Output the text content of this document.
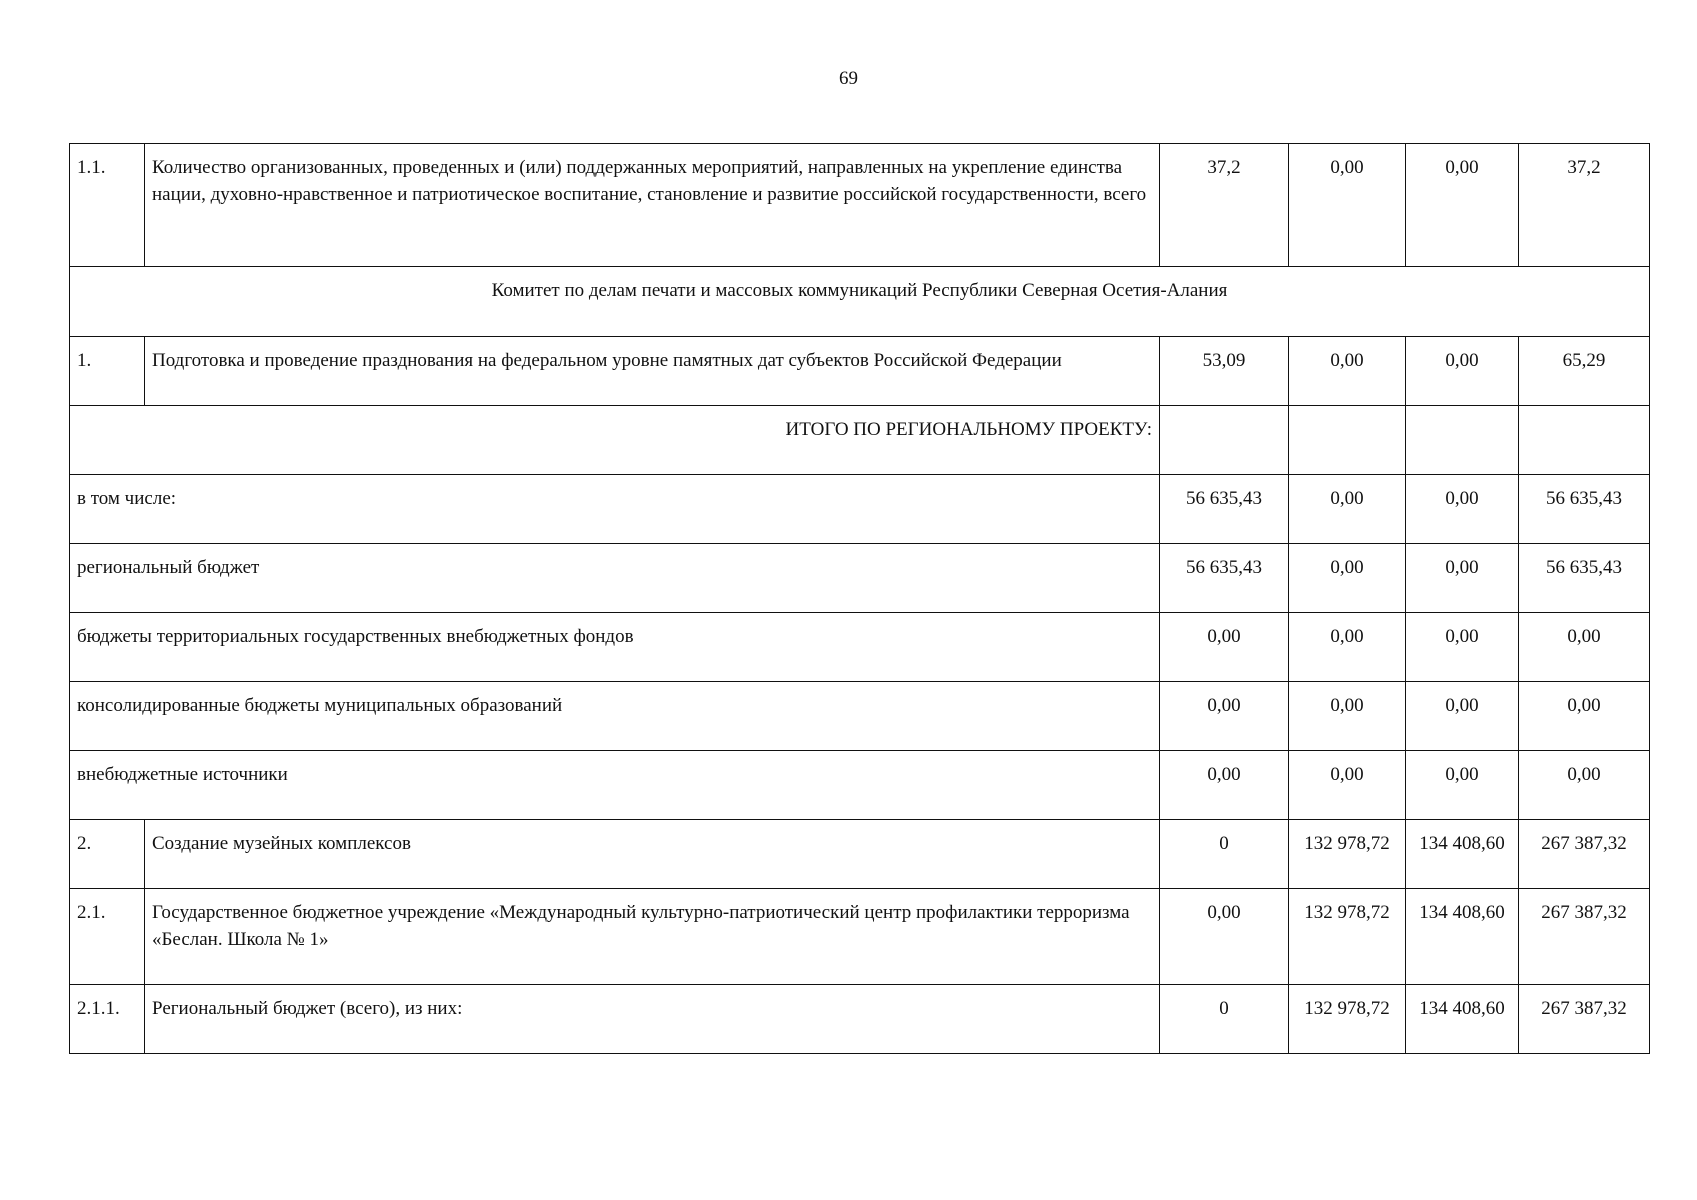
69
1.1.	Количество организованных, проведенных и (или) поддержанных мероприятий, направленных на укрепление единства нации, духовно-нравственное и патриотическое воспитание, становление и развитие российской государственности, всего	37,2	0,00	0,00	37,2
Комитет по делам печати и массовых коммуникаций Республики Северная Осетия-Алания					
1.	Подготовка и проведение празднования на федеральном уровне памятных дат субъектов Российской Федерации	53,09	0,00	0,00	65,29
ИТОГО ПО РЕГИОНАЛЬНОМУ ПРОЕКТУ:					
в том числе:		56 635,43	0,00	0,00	56 635,43
региональный бюджет		56 635,43	0,00	0,00	56 635,43
бюджеты территориальных государственных внебюджетных фондов		0,00	0,00	0,00	0,00
консолидированные бюджеты муниципальных образований		0,00	0,00	0,00	0,00
внебюджетные источники		0,00	0,00	0,00	0,00
2.	Создание музейных комплексов	0	132 978,72	134 408,60	267 387,32
2.1.	Государственное бюджетное учреждение «Международный культурно-патриотический центр профилактики терроризма «Беслан. Школа № 1»	0,00	132 978,72	134 408,60	267 387,32
2.1.1.	Региональный бюджет (всего), из них:	0	132 978,72	134 408,60	267 387,32
